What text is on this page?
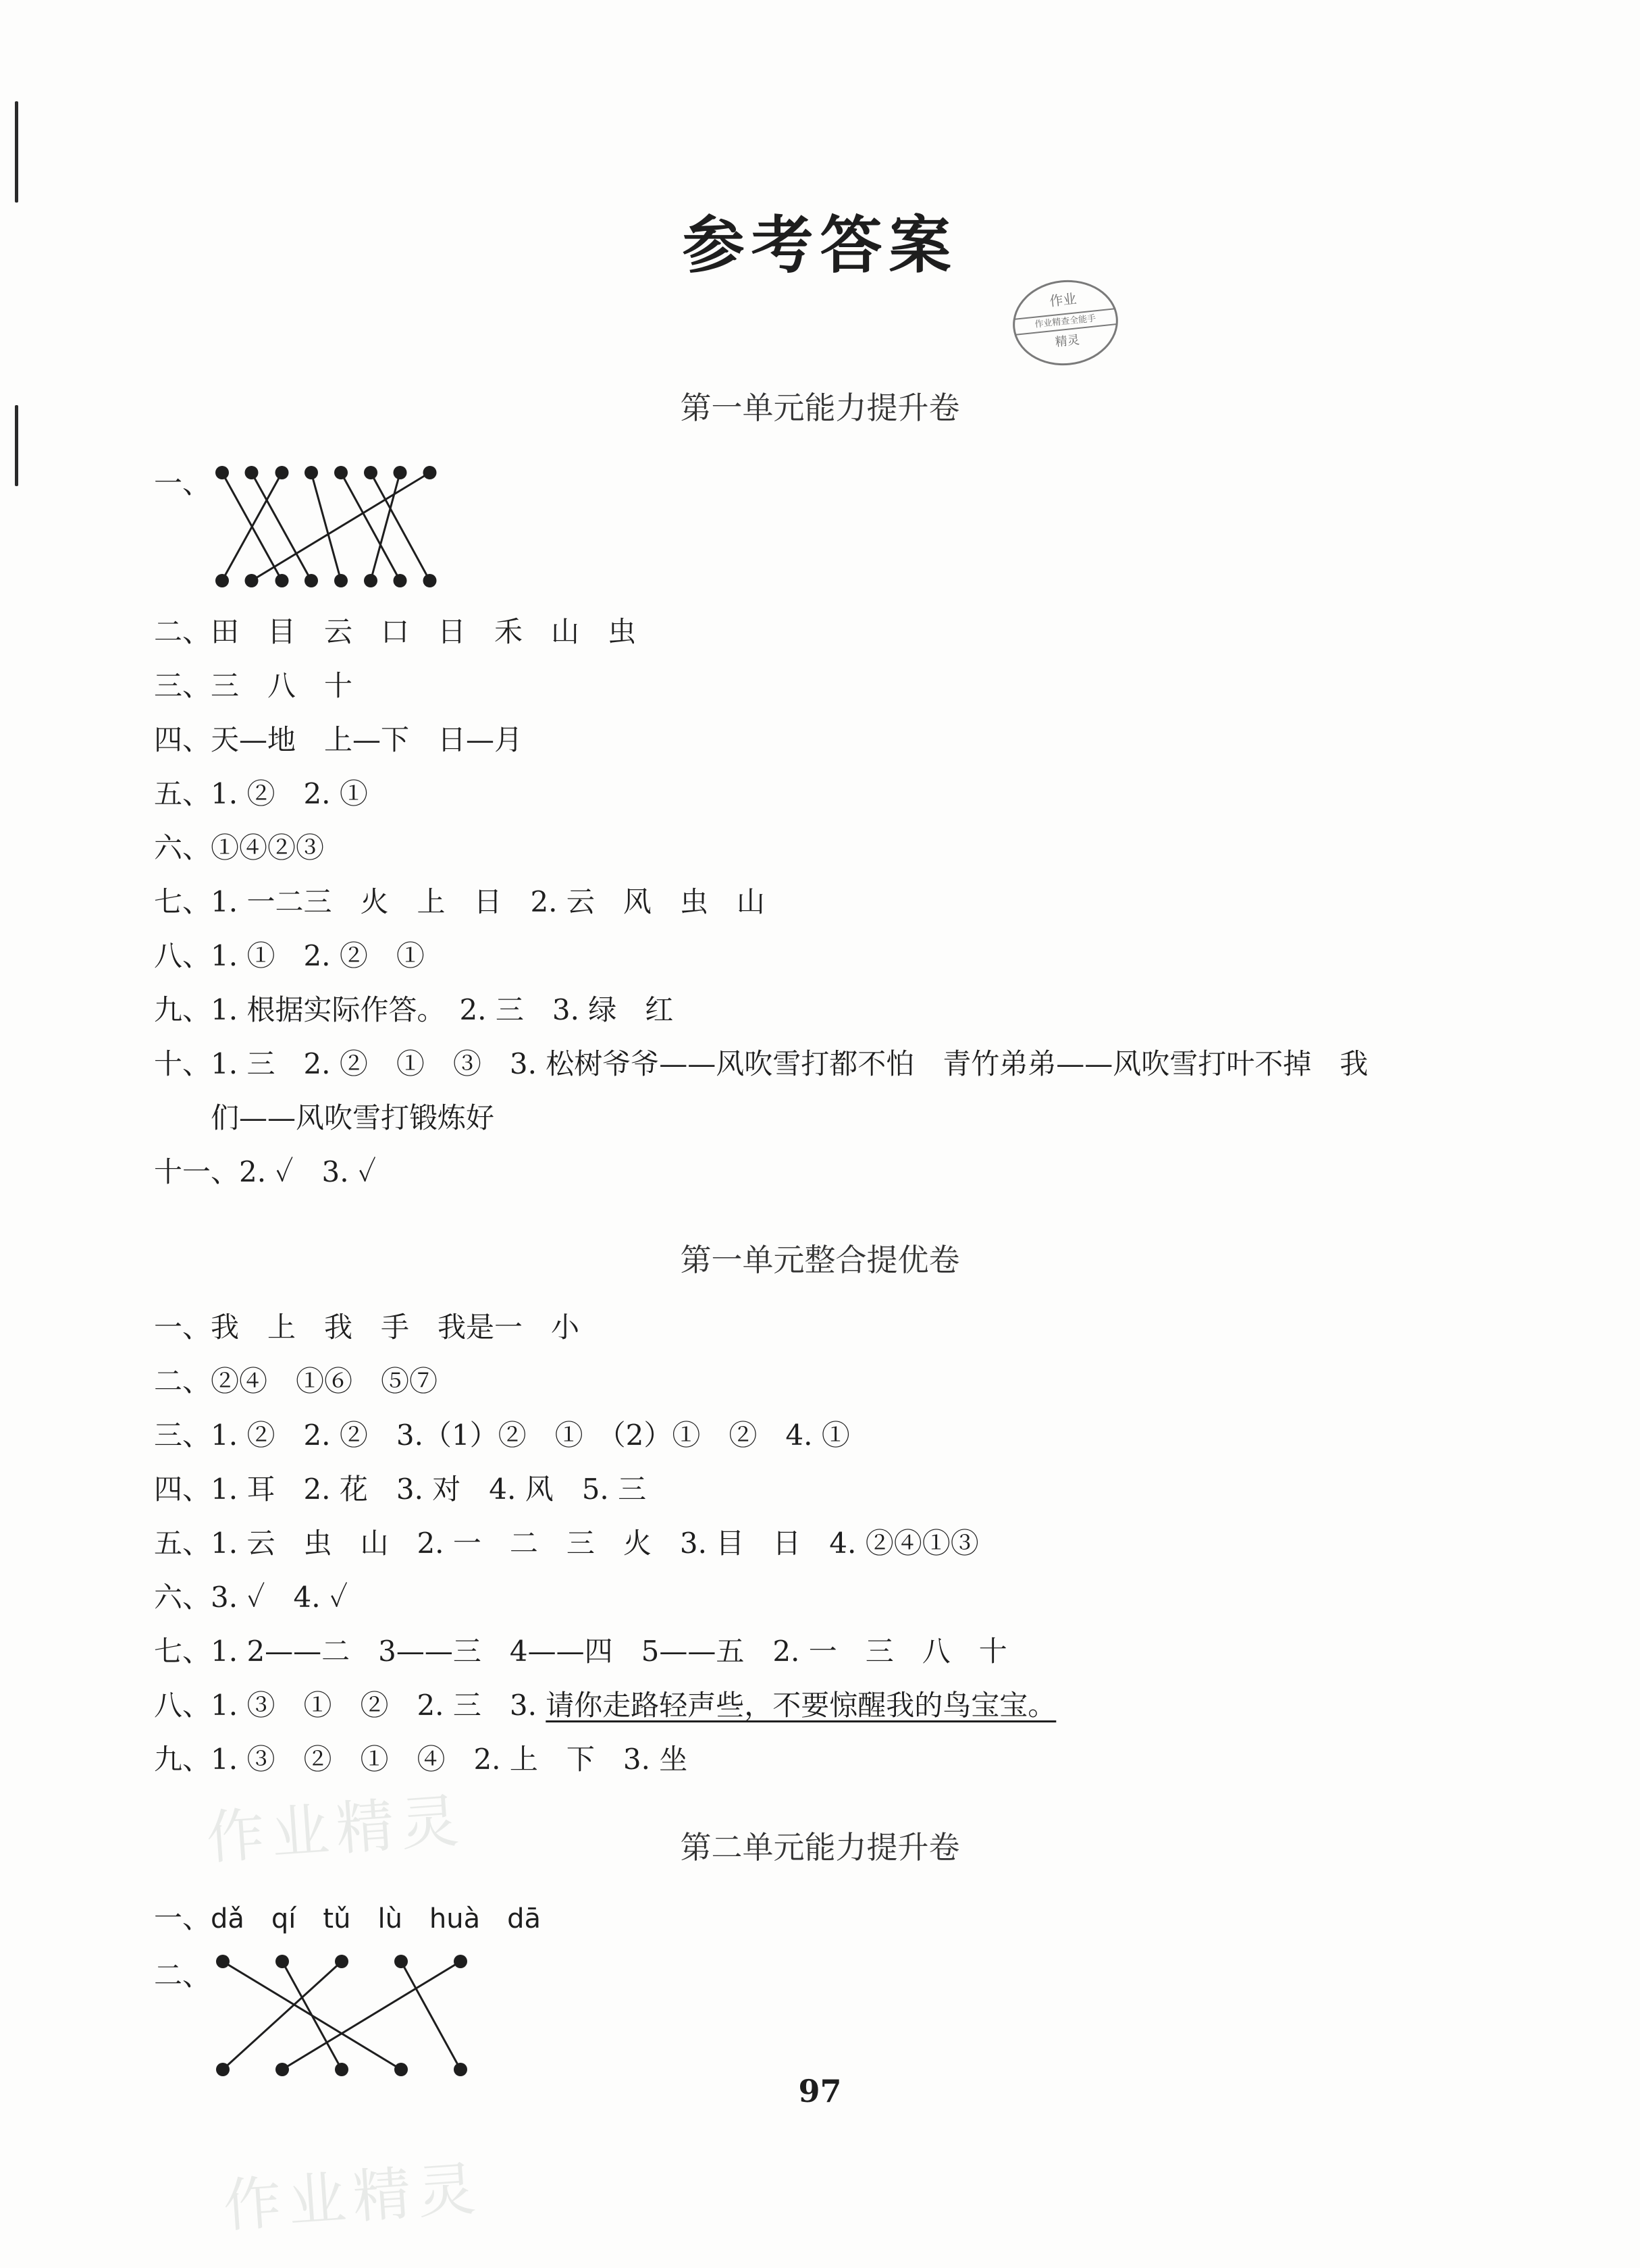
参考答案
作业
作业精查全能手
精灵
第一单元能力提升卷
一、
二、田　目　云　口　日　禾　山　虫
三、三　八　十
四、天—地　上—下　日—月
五、1. ②　2. ①
六、①④②③
七、1. 一二三　火　上　日　2. 云　风　虫　山
八、1. ①　2. ②　①
九、1. 根据实际作答。　2. 三　3. 绿　红
十、1. 三　2. ②　①　③　3. 松树爷爷——风吹雪打都不怕　青竹弟弟——风吹雪打叶不掉　我
们——风吹雪打锻炼好
十一、2. ✓　3. ✓
第一单元整合提优卷
一、我　上　我　手　我是一　小
二、②④　①⑥　⑤⑦
三、1. ②　2. ②　3.（1）②　①　（2）①　②　4. ①
四、1. 耳　2. 花　3. 对　4. 风　5. 三
五、1. 云　虫　山　2. 一　二　三　火　3. 目　日　4. ②④①③
六、3. ✓　4. ✓
七、1. 2——二　3——三　4——四　5——五　2. 一　三　八　十
八、1. ③　①　②　2. 三　3. 请你走路轻声些，不要惊醒我的鸟宝宝。
九、1. ③　②　①　④　2. 上　下　3. 坐
作业精灵	第二单元能力提升卷
一、dǎ　qí　tǔ　lù　huà　dā
二、
97
作业精灵
